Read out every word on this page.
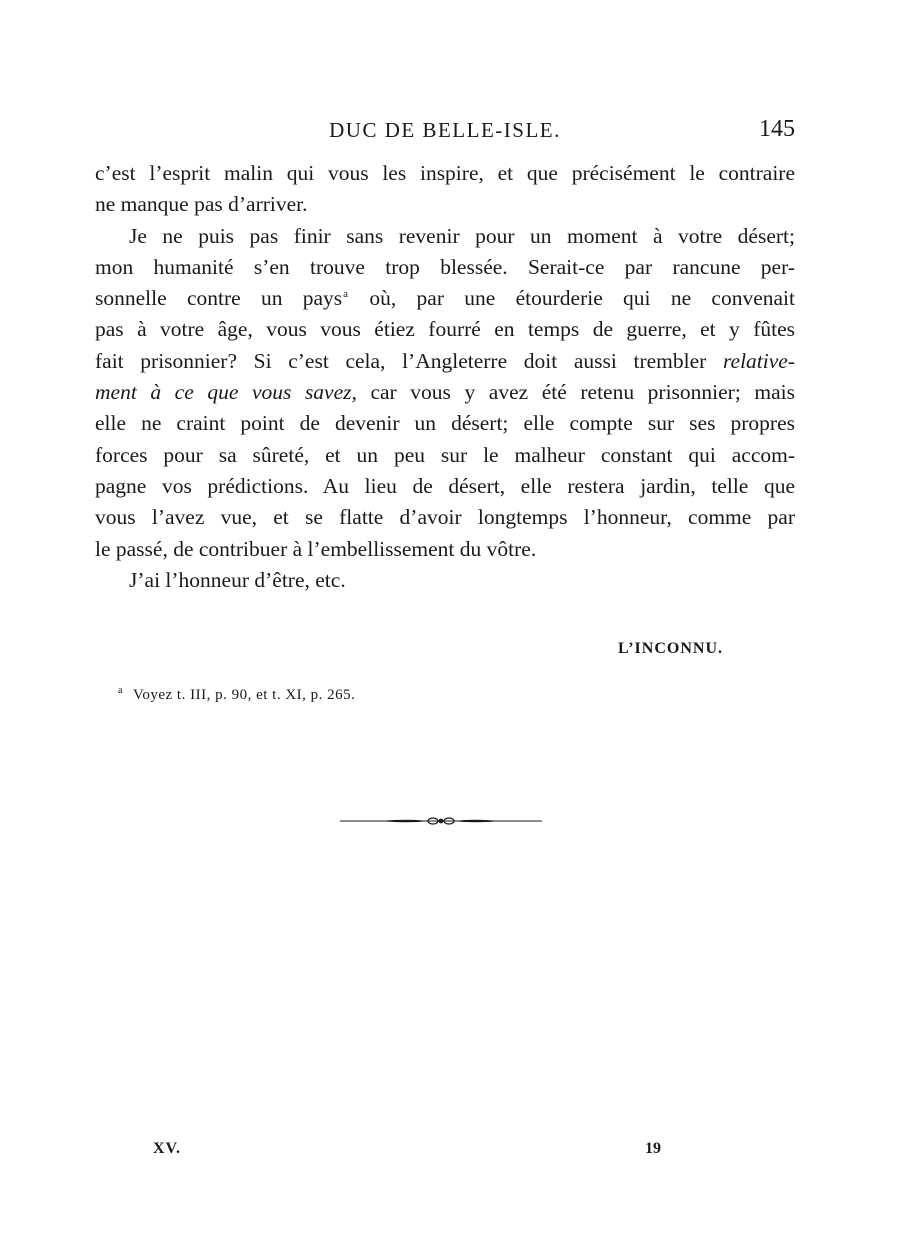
DUC DE BELLE-ISLE.	145
c’est l’esprit malin qui vous les inspire, et que précisément le contraire
ne manque pas d’arriver.
Je ne puis pas finir sans revenir pour un moment à votre désert;
mon humanité s’en trouve trop blessée. Serait-ce par rancune per-
sonnelle contre un pays$^a$ où, par une étourderie qui ne convenait
pas à votre âge, vous vous étiez fourré en temps de guerre, et y fûtes
fait prisonnier? Si c’est cela, l’Angleterre doit aussi trembler relative-
ment à ce que vous savez, car vous y avez été retenu prisonnier; mais
elle ne craint point de devenir un désert; elle compte sur ses propres
forces pour sa sûreté, et un peu sur le malheur constant qui accom-
pagne vos prédictions. Au lieu de désert, elle restera jardin, telle que
vous l’avez vue, et se flatte d’avoir longtemps l’honneur, comme par
le passé, de contribuer à l’embellissement du vôtre.
J’ai l’honneur d’être, etc.
L’INCONNU.
$^a$ Voyez t. III, p. 90, et t. XI, p. 265.
XV.	19
